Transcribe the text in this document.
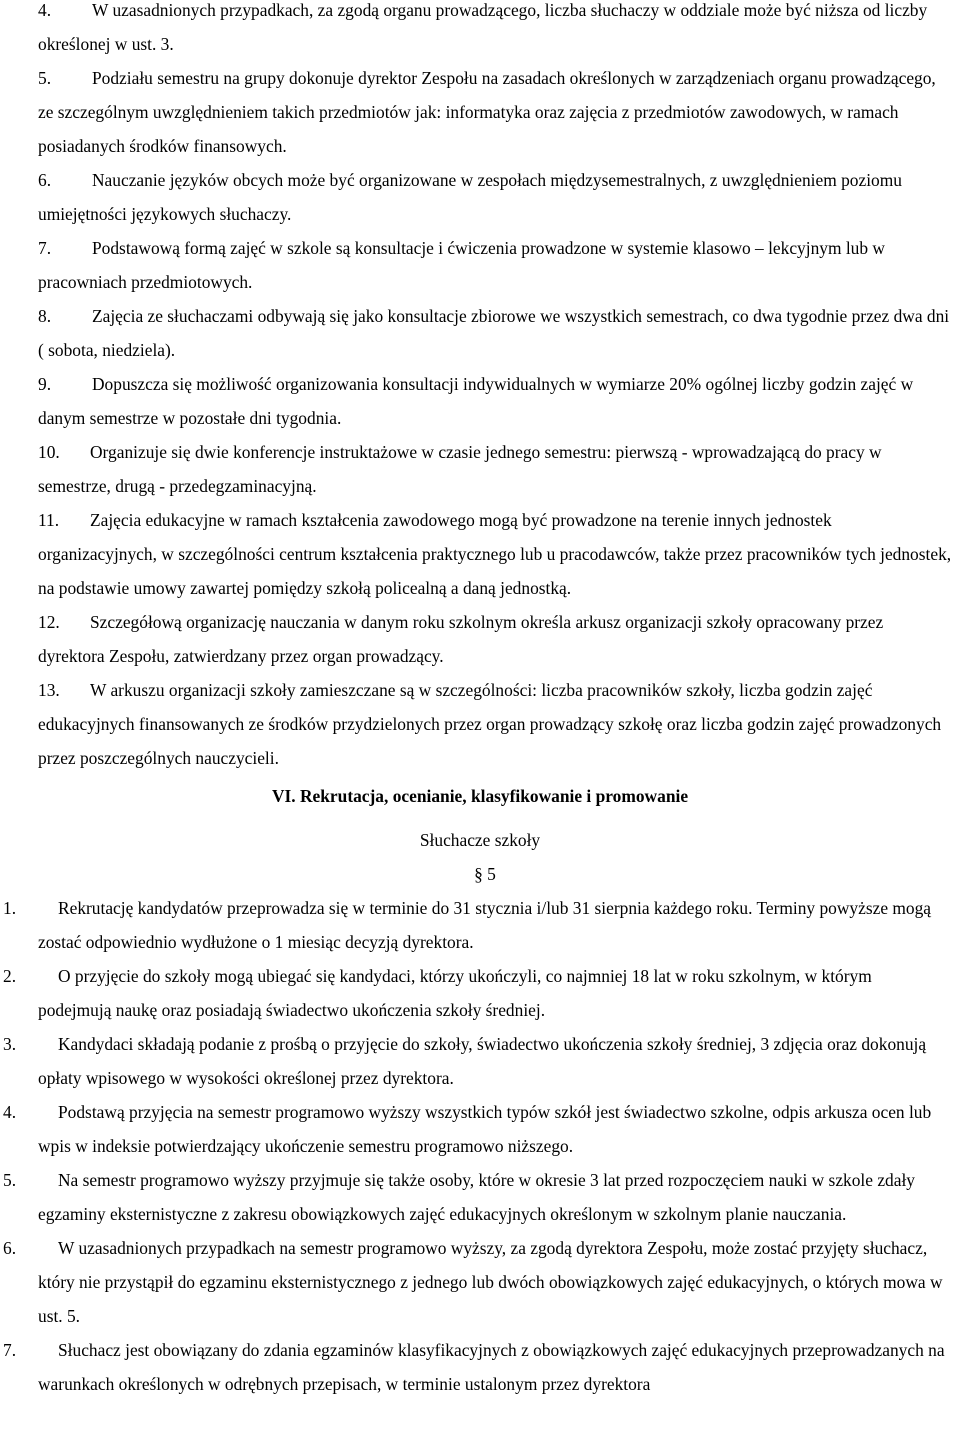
4.	W uzasadnionych przypadkach, za zgodą organu prowadzącego, liczba słuchaczy w oddziale może być niższa od liczby określonej w ust. 3.
5.	Podziału semestru na grupy dokonuje dyrektor Zespołu na zasadach określonych w zarządzeniach organu prowadzącego, ze szczególnym uwzględnieniem takich przedmiotów jak: informatyka oraz zajęcia z przedmiotów zawodowych, w ramach posiadanych środków finansowych.
6.	Nauczanie języków obcych może być organizowane w zespołach międzysemestralnych, z uwzględnieniem poziomu umiejętności językowych słuchaczy.
7.	Podstawową formą zajęć w szkole są konsultacje i ćwiczenia prowadzone w systemie klasowo – lekcyjnym lub w pracowniach przedmiotowych.
8.	Zajęcia ze słuchaczami odbywają się jako konsultacje zbiorowe we wszystkich semestrach, co dwa tygodnie przez dwa dni ( sobota, niedziela).
9.	Dopuszcza się możliwość organizowania konsultacji indywidualnych w wymiarze 20% ogólnej liczby godzin zajęć w danym semestrze w pozostałe dni tygodnia.
10.	Organizuje się dwie konferencje instruktażowe w czasie jednego semestru: pierwszą - wprowadzającą do pracy w semestrze, drugą - przedegzaminacyjną.
11.	Zajęcia edukacyjne w ramach kształcenia zawodowego mogą być prowadzone na terenie innych jednostek organizacyjnych, w szczególności centrum kształcenia praktycznego lub u pracodawców, także przez pracowników tych jednostek, na podstawie umowy zawartej pomiędzy szkołą policealną a daną jednostką.
12.	Szczegółową organizację nauczania w danym roku szkolnym określa arkusz organizacji szkoły opracowany przez dyrektora Zespołu, zatwierdzany przez organ prowadzący.
13.	W arkuszu organizacji szkoły zamieszczane są w szczególności: liczba pracowników szkoły, liczba godzin zajęć edukacyjnych finansowanych ze środków przydzielonych przez organ prowadzący szkołę oraz liczba godzin zajęć prowadzonych przez poszczególnych nauczycieli.
VI. Rekrutacja, ocenianie, klasyfikowanie i promowanie
Słuchacze szkoły
§ 5
1.	Rekrutację kandydatów przeprowadza się w terminie do 31 stycznia i/lub 31 sierpnia każdego roku. Terminy powyższe mogą zostać odpowiednio wydłużone o 1 miesiąc decyzją dyrektora.
2.	O przyjęcie do szkoły mogą ubiegać się kandydaci, którzy ukończyli, co najmniej 18 lat w roku szkolnym, w którym podejmują naukę oraz posiadają świadectwo ukończenia szkoły średniej.
3.	Kandydaci składają podanie z prośbą o przyjęcie do szkoły, świadectwo ukończenia szkoły średniej, 3 zdjęcia oraz dokonują opłaty wpisowego w wysokości określonej przez dyrektora.
4.	Podstawą przyjęcia na semestr programowo wyższy wszystkich typów szkół jest świadectwo szkolne, odpis arkusza ocen lub wpis w indeksie potwierdzający ukończenie semestru programowo niższego.
5.	Na semestr programowo wyższy przyjmuje się także osoby, które w okresie 3 lat przed rozpoczęciem nauki w szkole zdały egzaminy eksternistyczne z zakresu obowiązkowych zajęć edukacyjnych określonym w szkolnym planie nauczania.
6.	W uzasadnionych przypadkach na semestr programowo wyższy, za zgodą dyrektora Zespołu, może zostać przyjęty słuchacz, który nie przystąpił do egzaminu eksternistycznego z jednego lub dwóch obowiązkowych zajęć edukacyjnych, o których mowa w ust. 5.
7.	Słuchacz jest obowiązany do zdania egzaminów klasyfikacyjnych z obowiązkowych zajęć edukacyjnych przeprowadzanych na warunkach określonych w odrębnych przepisach, w terminie ustalonym przez dyrektora
